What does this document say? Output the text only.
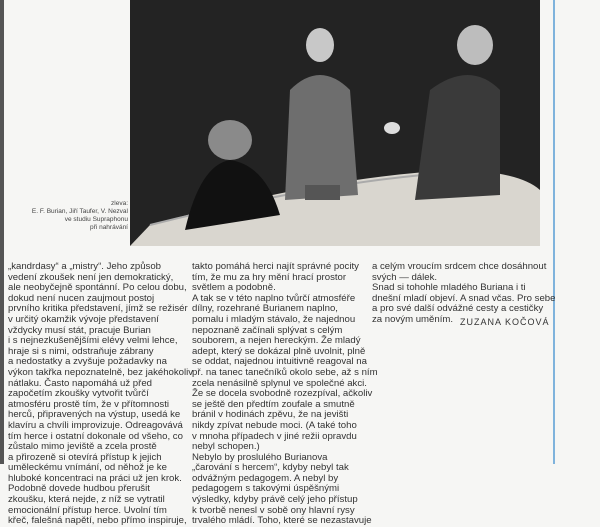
zleva:
E. F. Burian, Jiří Taufer, V. Nezval
ve studiu Supraphonu
při nahrávání

„kandrdasy“ a „mistry“. Jeho způsob

vedení zkoušek není jen demokratický,

ale neobyčejně spontánní. Po celou dobu,

dokud není nucen zaujmout postoj

prvního kritika představení, jímž se režisér

v určitý okamžik vývoje představení

vždycky musí stát, pracuje Burian

i s nejnezkušenějšími elévy velmi lehce,

hraje si s nimi, odstraňuje zábrany

a nedostatky a zvyšuje požadavky na

výkon takřka nepoznatelně, bez jakéhokoliv

nátlaku. Často napomáhá už před

započetím zkoušky vytvořit tvůrčí

atmosféru prostě tím, že v přítomnosti

herců, připravených na výstup, usedá ke

klavíru a chvíli improvizuje. Odreagovává

tím herce i ostatní dokonale od všeho, co

zůstalo mimo jeviště a zcela prostě

a přirozeně si otevírá přístup k jejich

uměleckému vnímání, od něhož je ke

hluboké koncentraci na práci už jen krok.

Podobně dovede hudbou přerušit

zkoušku, která nejde, z níž se vytratil

emocionální přístup herce. Uvolní tím

křeč, falešná napětí, nebo přímo inspiruje,

takto pomáhá herci najít správné pocity

tím, že mu za hry mění hrací prostor

světlem a podobně.

A tak se v této naplno tvůrčí atmosféře

dílny, rozehrané Burianem naplno,

pomalu i mladým stávalo, že najednou

nepoznaně začínali splývat s celým

souborem, a nejen hereckým. Že mladý

adept, který se dokázal plně uvolnit, plně

se oddat, najednou intuitivně reagoval na

př. na tanec tanečníků okolo sebe, až s ním

zcela nenásilně splynul ve společné akci.

Že se docela svobodně rozezpíval, ačkoliv

se ještě den předtím zoufale a smutně

bránil v hodinách zpěvu, že na jevišti

nikdy zpívat nebude moci. (A také toho

v mnoha případech v jiné režii opravdu

nebyl schopen.)

Nebylo by proslulého Burianova

„čarování s hercem“, kdyby nebyl tak

odvážným pedagogem. A nebyl by

pedagogem s takovými úspěšnými

výsledky, kdyby právě celý jeho přístup

k tvorbě nenesl v sobě ony hlavní rysy

trvalého mládí. Toho, které se nezastavuje

a celým vroucím srdcem chce dosáhnout

svých — dálek.

Snad si tohohle mladého Buriana i ti

dnešní mladí objeví. A snad včas. Pro sebe

a pro své další odvážné cesty a cestičky

za novým uměním. ZUZANA KOČOVÁ
